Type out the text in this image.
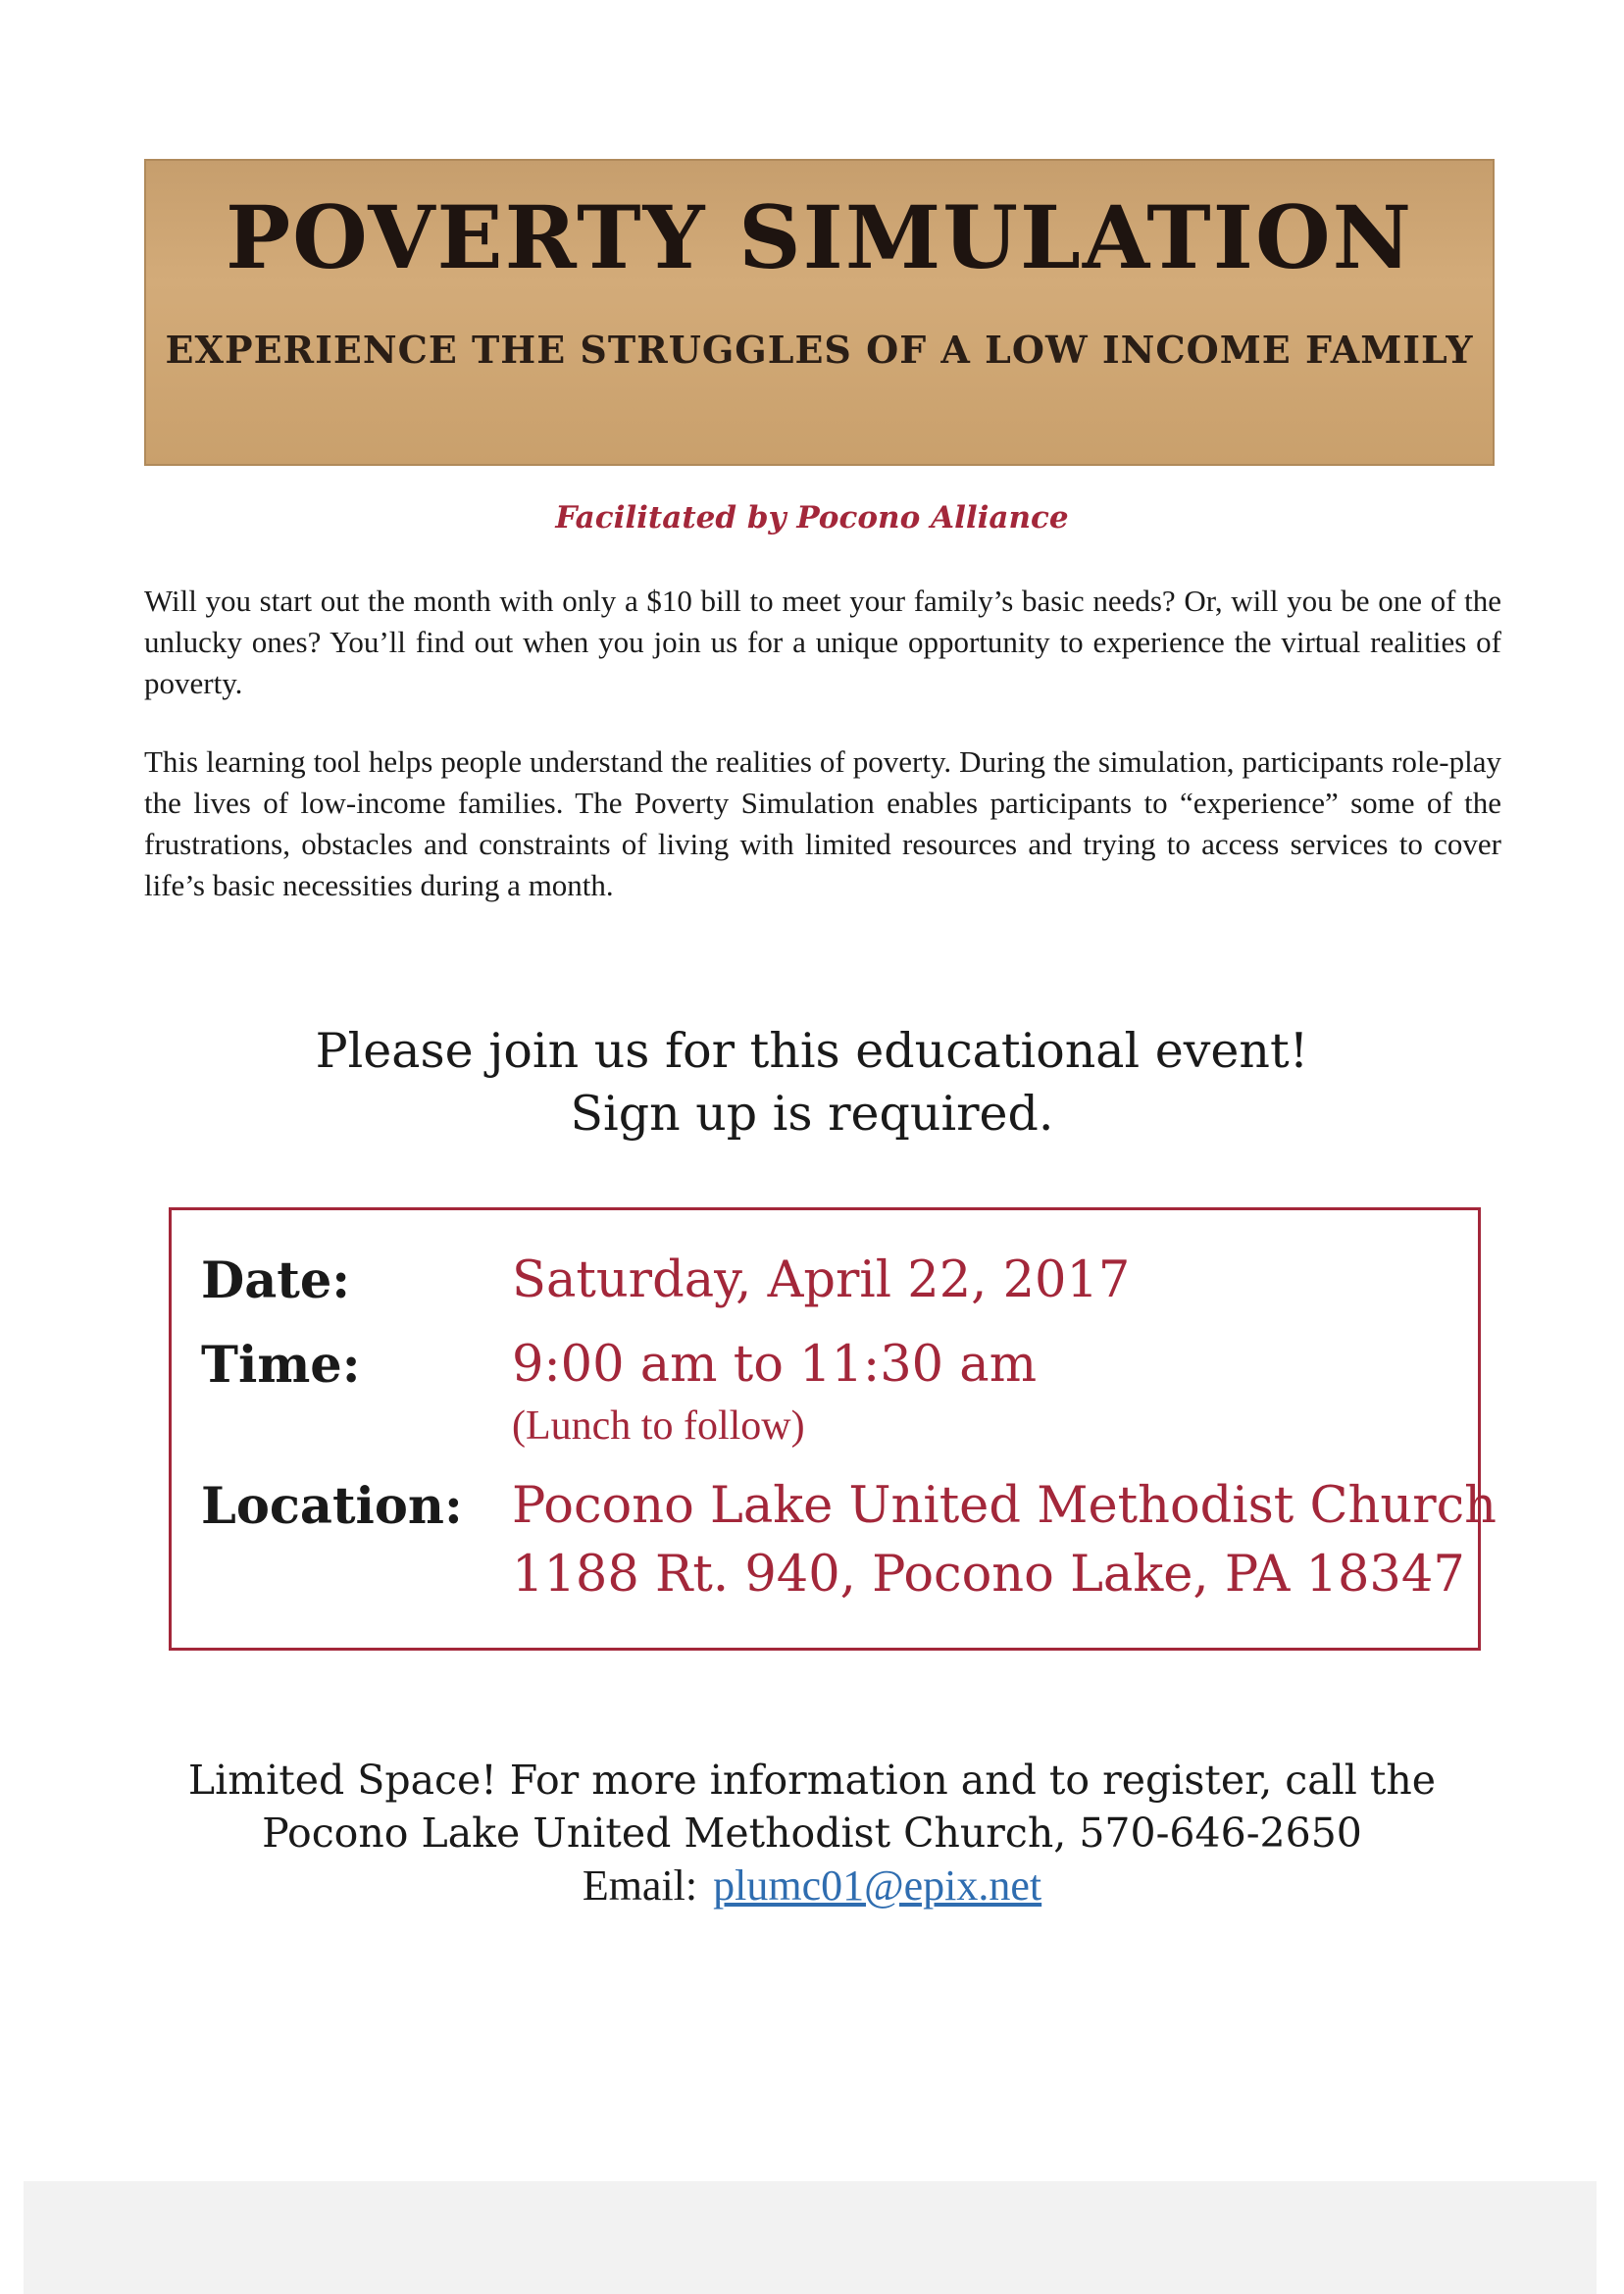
POVERTY SIMULATION
EXPERIENCE THE STRUGGLES OF A LOW INCOME FAMILY
Facilitated by Pocono Alliance
Will you start out the month with only a $10 bill to meet your family’s basic needs? Or, will you be one of the unlucky ones? You’ll find out when you join us for a unique opportunity to experience the virtual realities of poverty.
This learning tool helps people understand the realities of poverty. During the simulation, participants role-play the lives of low-income families. The Poverty Simulation enables participants to “experience” some of the frustrations, obstacles and constraints of living with limited resources and trying to access services to cover life’s basic necessities during a month.
Please join us for this educational event!
Sign up is required.
Date:	Saturday, April 22, 2017
Time:	9:00 am to 11:30 am
(Lunch to follow)
Location: Pocono Lake United Methodist Church
1188 Rt. 940, Pocono Lake, PA 18347
Limited Space! For more information and to register, call the
Pocono Lake United Methodist Church, 570-646-2650
Email: plumc01@epix.net
